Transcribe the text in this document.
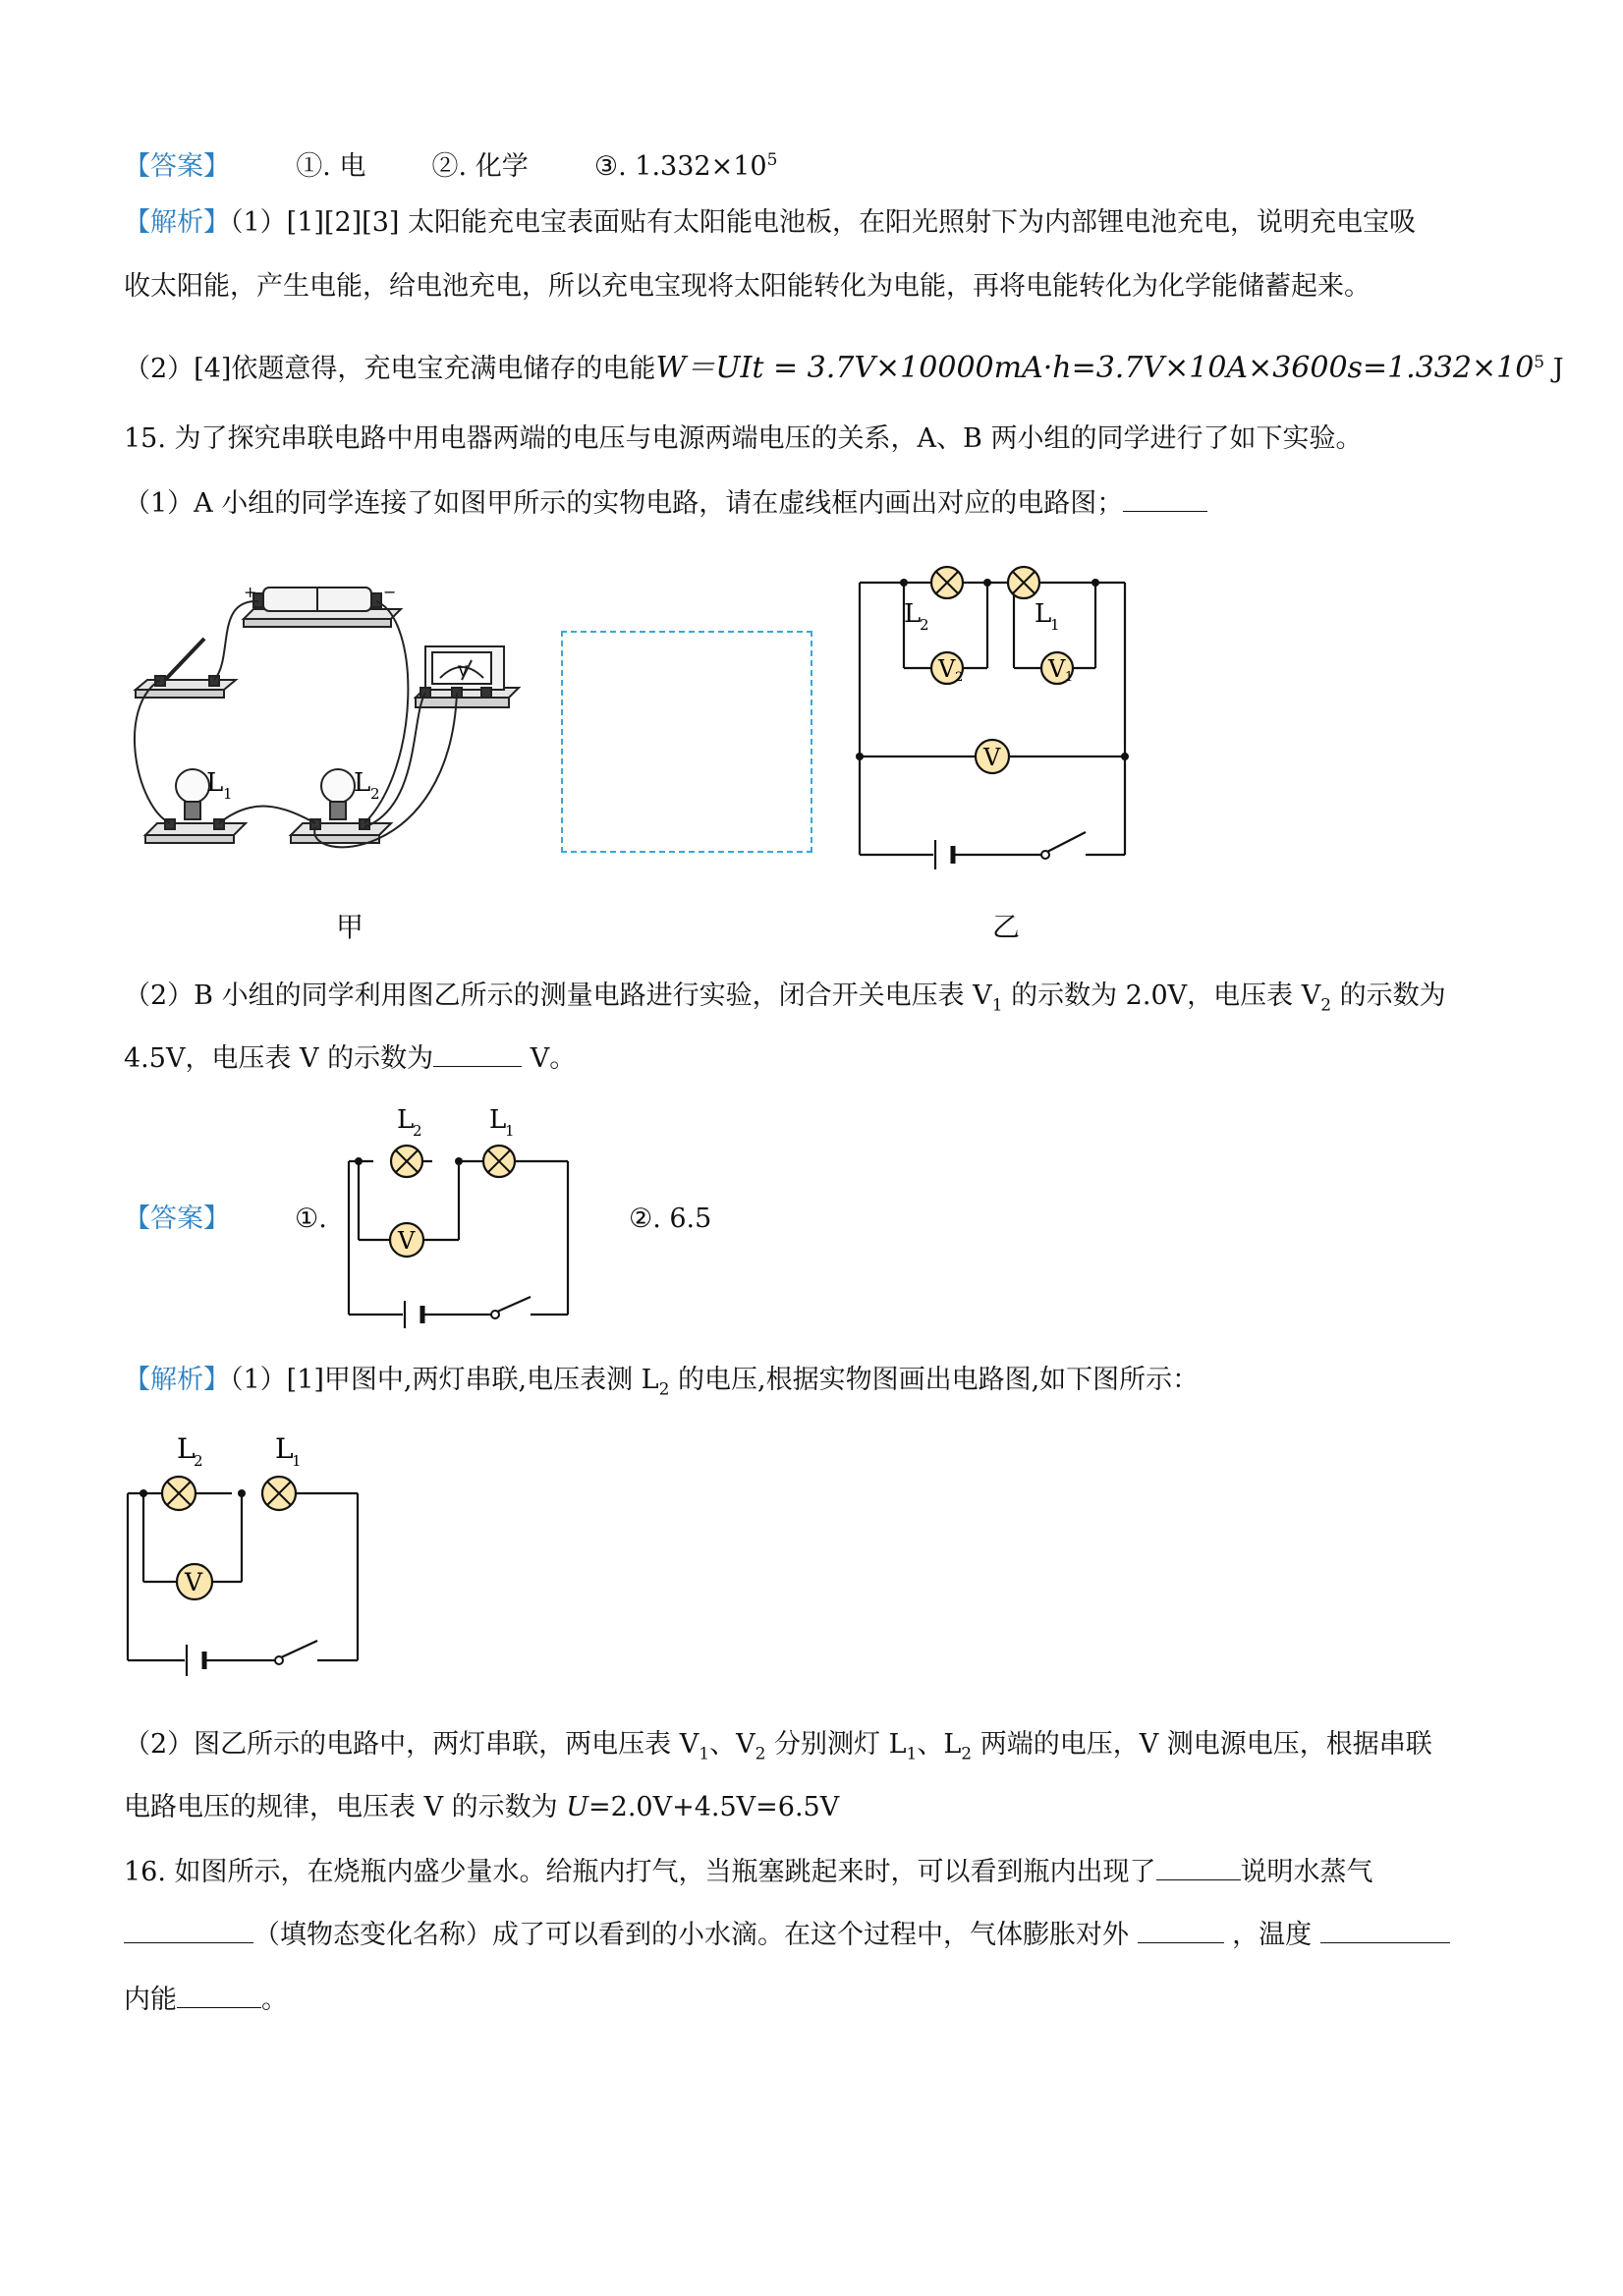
【答案】 ①. 电 ②. 化学 ③. $1.332\times 10^5$
【解析】（1）[1][2][3] 太阳能充电宝表面贴有太阳能电池板，在阳光照射下为内部锂电池充电，说明充电宝吸
收太阳能，产生电能，给电池充电，所以充电宝现将太阳能转化为电能，再将电能转化为化学能储蓄起来。
（2）[4]依题意得，充电宝充满电储存的电能$W=UIt = 3.7V\times 10000mA\cdot h=3.7V\times 10A\times 3600s=1.332\times 10^5$ J
15. 为了探究串联电路中用电器两端的电压与电源两端电压的关系，A、B 两小组的同学进行了如下实验。
（1）A 小组的同学连接了如图甲所示的实物电路，请在虚线框内画出对应的电路图；
+	−
L 1	L 2
V
甲
V 2	V 1
V
L
2	L
1
乙
（2）B 小组的同学利用图乙所示的测量电路进行实验，闭合开关电压表 $V_1$ 的示数为 2.0V，电压表 $V_2$ 的示数为
4.5V，电压表 V 的示数为	V。
【答案】 ①.	②. 6.5
V
L
2	L
1
【解析】（1）[1]甲图中,两灯串联,电压表测 $L_2$ 的电压,根据实物图画出电路图,如下图所示：
V
L
2	L
1
（2）图乙所示的电路中，两灯串联，两电压表 $V_1$、$V_2$ 分别测灯 $L_1$、$L_2$ 两端的电压，V 测电源电压，根据串联
电路电压的规律，电压表 V 的示数为 U=2.0V+4.5V=6.5V
16. 如图所示，在烧瓶内盛少量水。给瓶内打气，当瓶塞跳起来时，可以看到瓶内出现了	说明水蒸气
（填物态变化名称）成了可以看到的小水滴。在这个过程中，气体膨胀对外	，温度
内能	。
